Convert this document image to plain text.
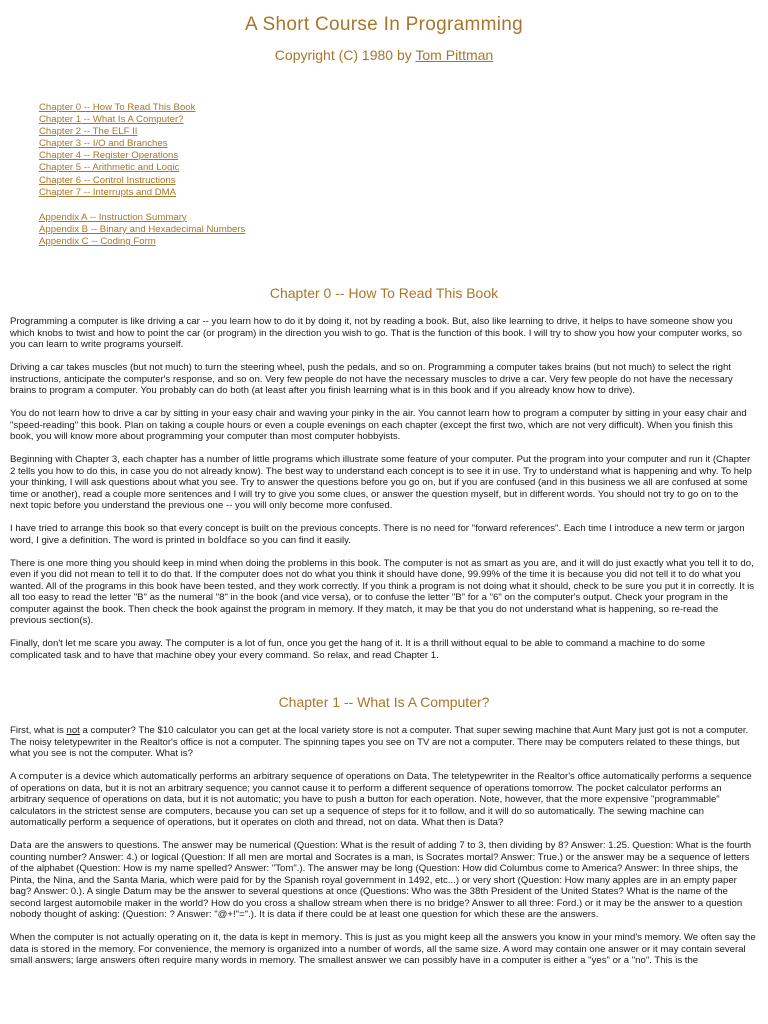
A Short Course In Programming
Copyright (C) 1980 by Tom Pittman
Chapter 0 -- How To Read This Book
Chapter 1 -- What Is A Computer?
Chapter 2 -- The ELF II
Chapter 3 -- I/O and Branches
Chapter 4 -- Register Operations
Chapter 5 -- Arithmetic and Logic
Chapter 6 -- Control Instructions
Chapter 7 -- Interrupts and DMA
Appendix A -- Instruction Summary
Appendix B -- Binary and Hexadecimal Numbers
Appendix C -- Coding Form
Chapter 0 -- How To Read This Book

Programming a computer is like driving a car -- you learn how to do it by doing it, not by reading a book. But, also like learning to drive, it helps to have someone show you which knobs to twist and how to point the car (or program) in the direction you wish to go. That is the function of this book. I will try to show you how your computer works, so you can learn to write programs yourself.

Driving a car takes muscles (but not much) to turn the steering wheel, push the pedals, and so on. Programming a computer takes brains (but not much) to select the right instructions, anticipate the computer's response, and so on. Very few people do not have the necessary muscles to drive a car. Very few people do not have the necessary brains to program a computer. You probably can do both (at least after you finish learning what is in this book and if you already know how to drive).

You do not learn how to drive a car by sitting in your easy chair and waving your pinky in the air. You cannot learn how to program a computer by sitting in your easy chair and "speed-reading" this book. Plan on taking a couple hours or even a couple evenings on each chapter (except the first two, which are not very difficult). When you finish this book, you will know more about programming your computer than most computer hobbyists.

Beginning with Chapter 3, each chapter has a number of little programs which illustrate some feature of your computer. Put the program into your computer and run it (Chapter 2 tells you how to do this, in case you do not already know). The best way to understand each concept is to see it in use. Try to understand what is happening and why. To help your thinking, I will ask questions about what you see. Try to answer the questions before you go on, but if you are confused (and in this business we all are confused at some time or another), read a couple more sentences and I will try to give you some clues, or answer the question myself, but in different words. You should not try to go on to the next topic before you understand the previous one -- you will only become more confused.

I have tried to arrange this book so that every concept is built on the previous concepts. There is no need for "forward references". Each time I introduce a new term or jargon word, I give a definition. The word is printed in boldface so you can find it easily.

There is one more thing you should keep in mind when doing the problems in this book. The computer is not as smart as you are, and it will do just exactly what you tell it to do, even if you did not mean to tell it to do that. If the computer does not do what you think it should have done, 99.99% of the time it is because you did not tell it to do what you wanted. All of the programs in this book have been tested, and they work correctly. If you think a program is not doing what it should, check to be sure you put it in correctly. It is all too easy to read the letter "B" as the numeral "8" in the book (and vice versa), or to confuse the letter "B" for a "6" on the computer's output. Check your program in the computer against the book. Then check the book against the program in memory. If they match, it may be that you do not understand what is happening, so re-read the previous section(s).

Finally, don't let me scare you away. The computer is a lot of fun, once you get the hang of it. It is a thrill without equal to be able to command a machine to do some complicated task and to have that machine obey your every command. So relax, and read Chapter 1.

Chapter 1 -- What Is A Computer?

First, what is not a computer? The $10 calculator you can get at the local variety store is not a computer. That super sewing machine that Aunt Mary just got is not a computer. The noisy teletypewriter in the Realtor's office is not a computer. The spinning tapes you see on TV are not a computer. There may be computers related to these things, but what you see is not the computer. What is?

A computer is a device which automatically performs an arbitrary sequence of operations on Data. The teletypewriter in the Realtor's office automatically performs a sequence of operations on data, but it is not an arbitrary sequence; you cannot cause it to perform a different sequence of operations tomorrow. The pocket calculator performs an arbitrary sequence of operations on data, but it is not automatic; you have to push a button for each operation. Note, however, that the more expensive "programmable" calculators in the strictest sense are computers, because you can set up a sequence of steps for it to follow, and it will do so automatically. The sewing machine can automatically perform a sequence of operations, but it operates on cloth and thread, not on data. What then is Data?

Data are the answers to questions. The answer may be numerical (Question: What is the result of adding 7 to 3, then dividing by 8? Answer: 1.25. Question: What is the fourth counting number? Answer: 4.) or logical (Question: If all men are mortal and Socrates is a man, is Socrates mortal? Answer: True.) or the answer may be a sequence of letters of the alphabet (Question: How is my name spelled? Answer: "Tom".). The answer may be long (Question: How did Columbus come to America? Answer: In three ships, the Pinta, the Nina, and the Santa Maria, which were paid for by the Spanish royal government in 1492, etc...) or very short (Question: How many apples are in an empty paper bag? Answer: 0.). A single Datum may be the answer to several questions at once (Questions: Who was the 38th President of the United States? What is the name of the second largest automobile maker in the world? How do you cross a shallow stream when there is no bridge? Answer to all three: Ford.) or it may be the answer to a question nobody thought of asking: (Question: ? Answer: "@+!"=".). It is data if there could be at least one question for which these are the answers.

When the computer is not actually operating on it, the data is kept in memory. This is just as you might keep all the answers you know in your mind's memory. We often say the data is stored in the memory. For convenience, the memory is organized into a number of words, all the same size. A word may contain one answer or it may contain several small answers; large answers often require many words in memory. The smallest answer we can possibly have in a computer is either a "yes" or a "no". This is the
